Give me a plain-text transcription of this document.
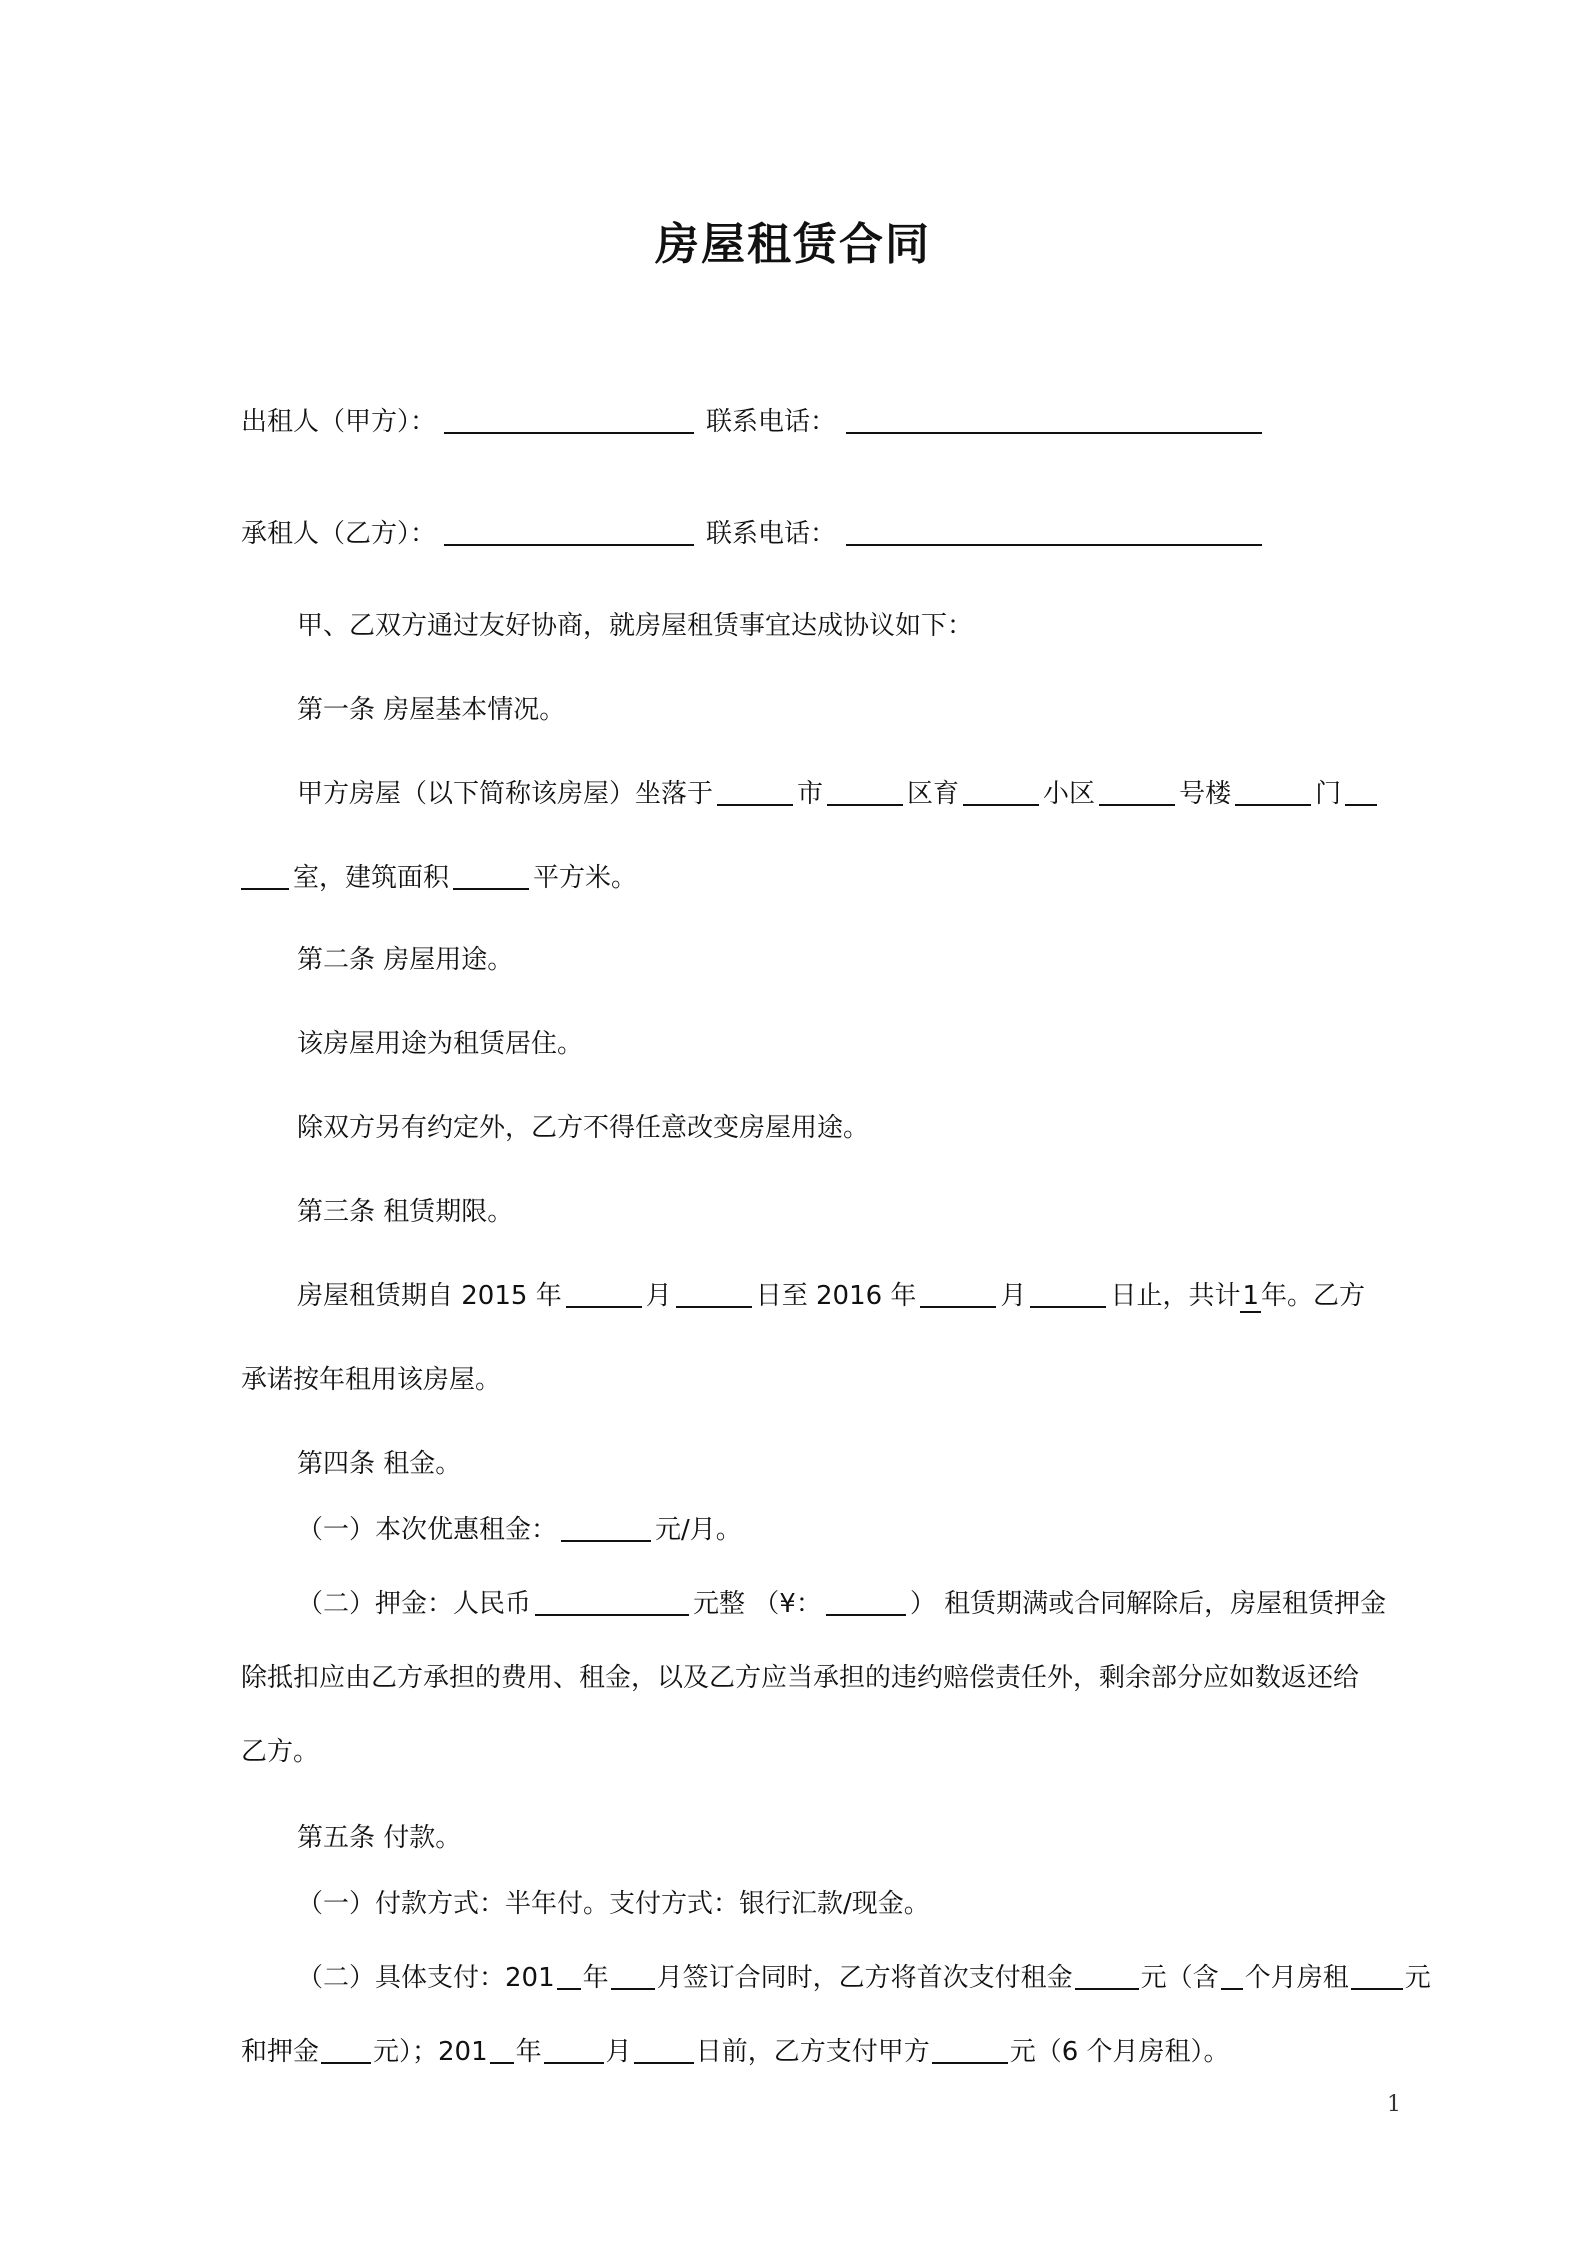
房屋租赁合同
出租人（甲方）：	联系电话：
承租人（乙方）：	联系电话：
甲、乙双方通过友好协商，就房屋租赁事宜达成协议如下：
第一条 房屋基本情况。
甲方房屋（以下简称该房屋）坐落于	市	区育	小区	号楼	门
室，建筑面积	平方米。
第二条 房屋用途。
该房屋用途为租赁居住。
除双方另有约定外，乙方不得任意改变房屋用途。
第三条 租赁期限。
房屋租赁期自 2015 年	月	日至 2016 年	月	日止，共计1年。乙方
承诺按年租用该房屋。
第四条 租金。
（一）本次优惠租金：	元/月。
（二）押金：人民币	元整 （¥：	） 租赁期满或合同解除后，房屋租赁押金
除抵扣应由乙方承担的费用、租金，以及乙方应当承担的违约赔偿责任外，剩余部分应如数返还给
乙方。
第五条 付款。
（一）付款方式：半年付。支付方式：银行汇款/现金。
（二）具体支付：201 年 月签订合同时，乙方将首次支付租金	元（含 个月房租 元
和押金 元）；201 年 月 日前，乙方支付甲方	元（6 个月房租）。
1
